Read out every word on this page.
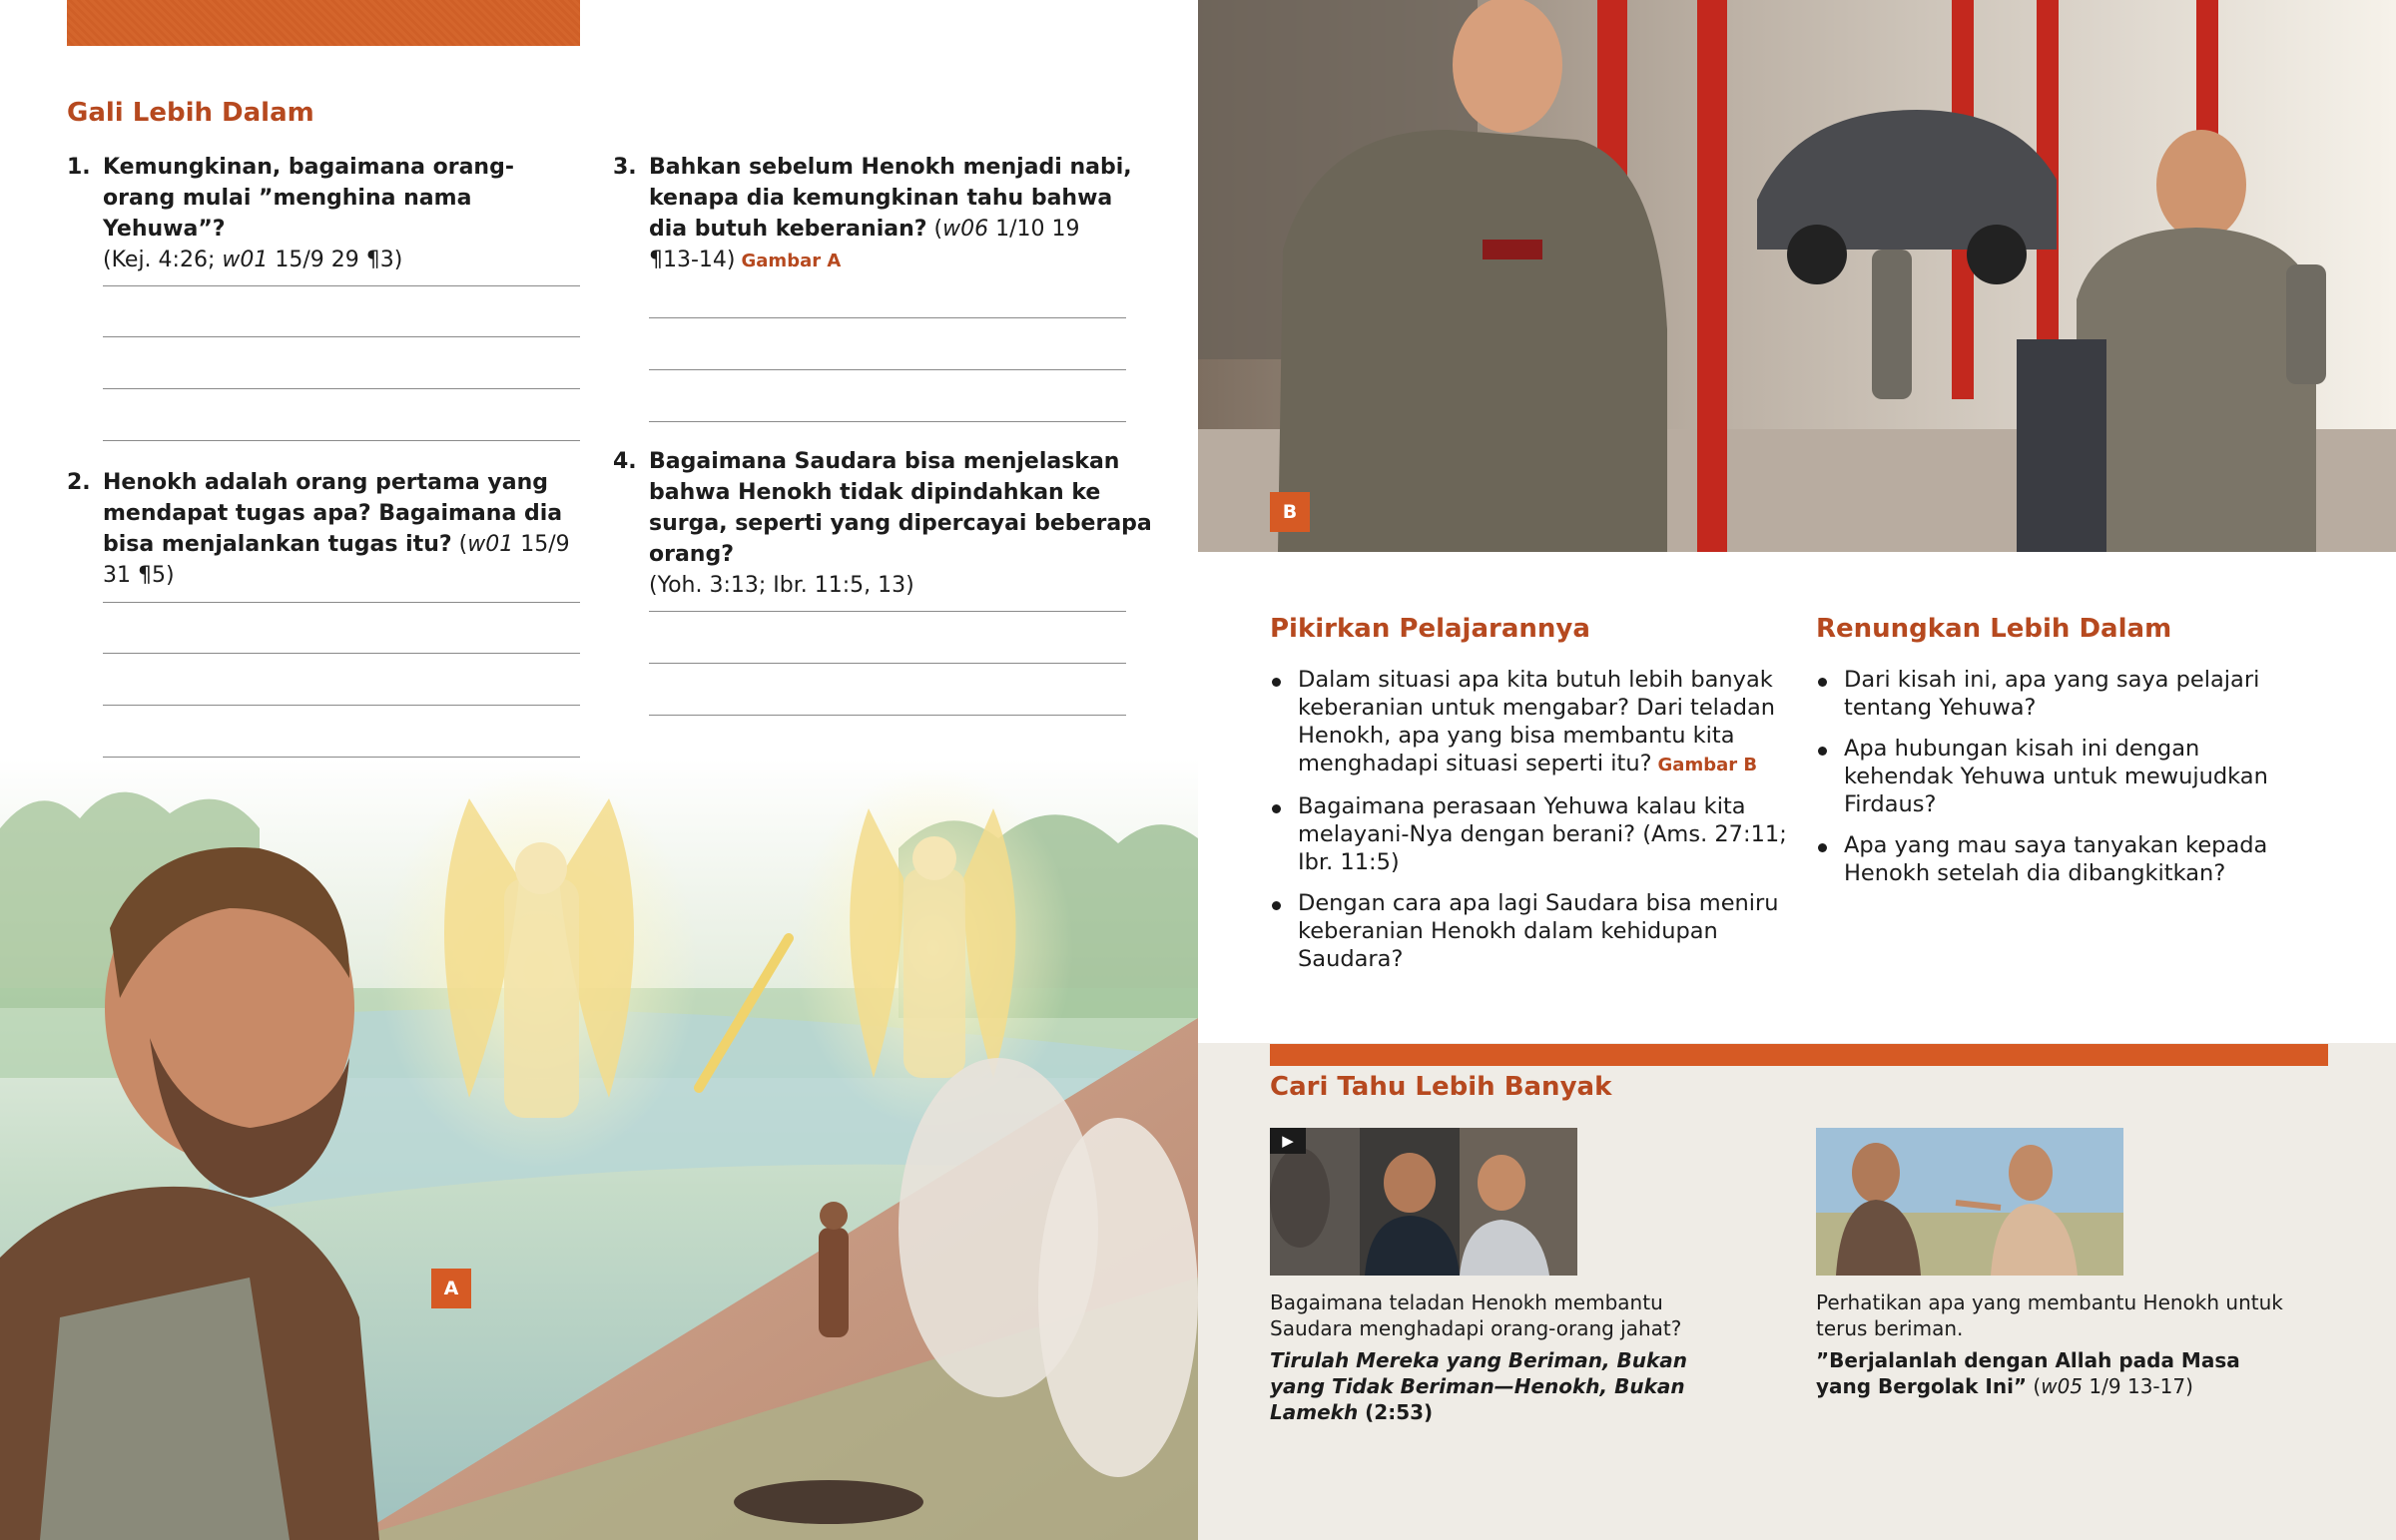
Gali Lebih Dalam
1. Kemungkinan, bagaimana orang-orang mulai ”menghina nama Yehuwa”?
(Kej. 4:26; w01 15/9 29 ¶3)
2. Henokh adalah orang pertama yang mendapat tugas apa? Bagaimana dia bisa menjalankan tugas itu? (w01 15/9 31 ¶5)
3. Bahkan sebelum Henokh menjadi nabi, kenapa dia kemungkinan tahu bahwa dia butuh keberanian? (w06 1/10 19 ¶13-14) Gambar A
4. Bagaimana Saudara bisa menjelaskan bahwa Henokh tidak dipindahkan ke surga, seperti yang dipercayai beberapa orang?
(Yoh. 3:13; Ibr. 11:5, 13)
A
B
Pikirkan Pelajarannya
Dalam situasi apa kita butuh lebih banyak keberanian untuk mengabar? Dari teladan Henokh, apa yang bisa membantu kita menghadapi situasi seperti itu? Gambar B
Bagaimana perasaan Yehuwa kalau kita melayani-Nya dengan berani? (Ams. 27:11; Ibr. 11:5)
Dengan cara apa lagi Saudara bisa meniru keberanian Henokh dalam kehidupan Saudara?
Renungkan Lebih Dalam
Dari kisah ini, apa yang saya pelajari tentang Yehuwa?
Apa hubungan kisah ini dengan kehendak Yehuwa untuk mewujudkan Firdaus?
Apa yang mau saya tanyakan kepada Henokh setelah dia dibangkitkan?
Cari Tahu Lebih Banyak
▶
Bagaimana teladan Henokh membantu Saudara menghadapi orang-orang jahat?
Tirulah Mereka yang Beriman, Bukan yang Tidak Beriman—Henokh, Bukan Lamekh (2:53)
Perhatikan apa yang membantu Henokh untuk terus beriman.
”Berjalanlah dengan Allah pada Masa yang Bergolak Ini” (w05 1/9 13-17)
